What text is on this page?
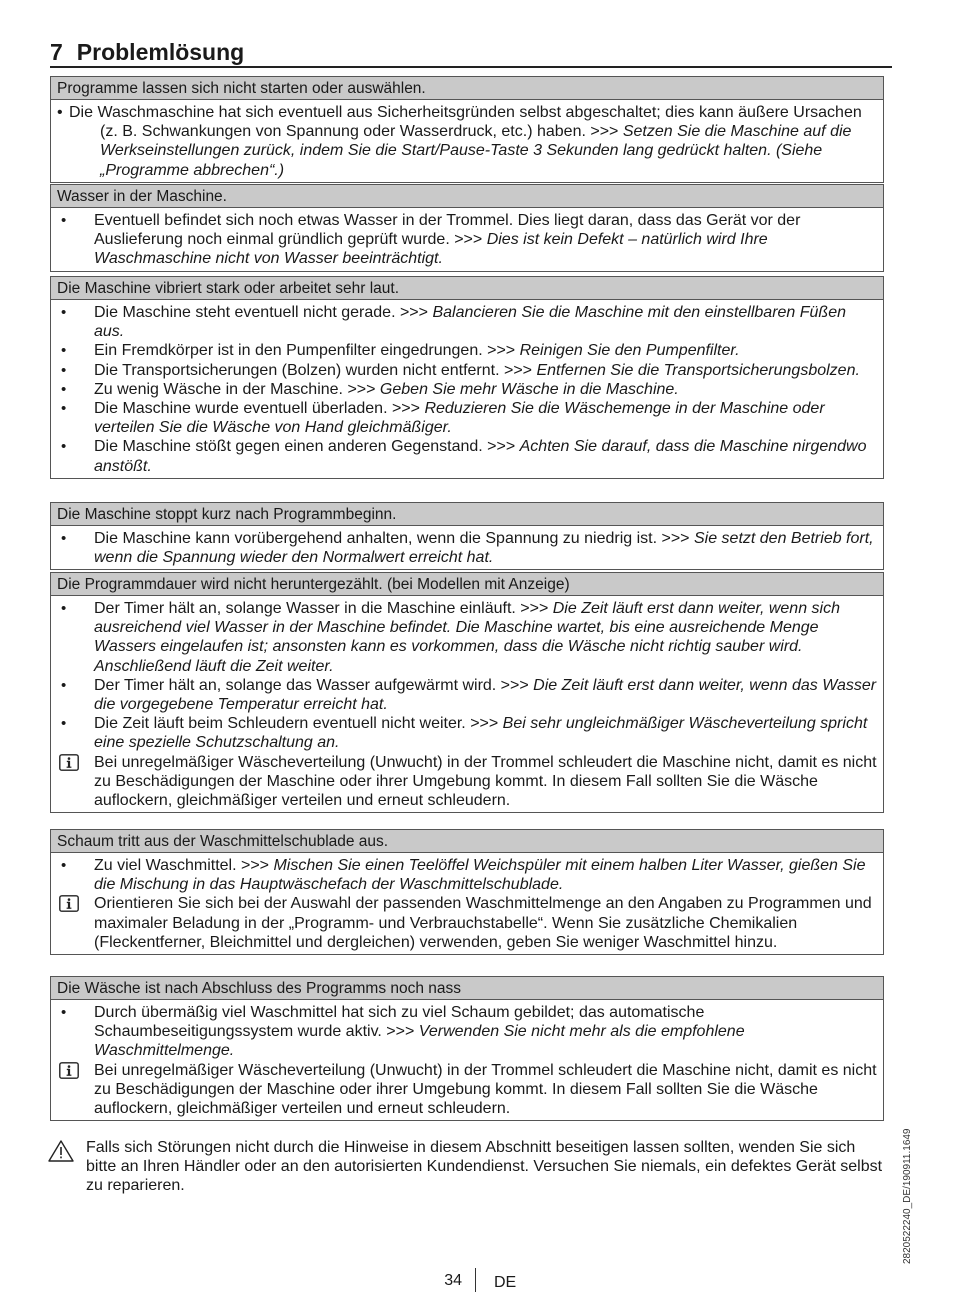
7 Problemlösung
Programme lassen sich nicht starten oder auswählen.
• Die Waschmaschine hat sich eventuell aus Sicherheitsgründen selbst abgeschaltet; dies kann äußere Ursachen (z. B. Schwankungen von Spannung oder Wasserdruck, etc.) haben. >>> Setzen Sie die Maschine auf die Werkseinstellungen zurück, indem Sie die Start/Pause-Taste 3 Sekunden lang gedrückt halten. (Siehe „Programme abbrechen“.)
Wasser in der Maschine.
•
Eventuell befindet sich noch etwas Wasser in der Trommel. Dies liegt daran, dass das Gerät vor der Auslieferung noch einmal gründlich geprüft wurde. >>> Dies ist kein Defekt – natürlich wird Ihre Waschmaschine nicht von Wasser beeinträchtigt.
Die Maschine vibriert stark oder arbeitet sehr laut.
•
Die Maschine steht eventuell nicht gerade. >>> Balancieren Sie die Maschine mit den einstellbaren Füßen aus.
•
Ein Fremdkörper ist in den Pumpenfilter eingedrungen. >>> Reinigen Sie den Pumpenfilter.
•
Die Transportsicherungen (Bolzen) wurden nicht entfernt. >>> Entfernen Sie die Transportsicherungsbolzen.
•
Zu wenig Wäsche in der Maschine. >>> Geben Sie mehr Wäsche in die Maschine.
•
Die Maschine wurde eventuell überladen. >>> Reduzieren Sie die Wäschemenge in der Maschine oder verteilen Sie die Wäsche von Hand gleichmäßiger.
•
Die Maschine stößt gegen einen anderen Gegenstand. >>> Achten Sie darauf, dass die Maschine nirgendwo anstößt.
Die Maschine stoppt kurz nach Programmbeginn.
•
Die Maschine kann vorübergehend anhalten, wenn die Spannung zu niedrig ist. >>> Sie setzt den Betrieb fort, wenn die Spannung wieder den Normalwert erreicht hat.
Die Programmdauer wird nicht heruntergezählt. (bei Modellen mit Anzeige)
•
Der Timer hält an, solange Wasser in die Maschine einläuft. >>> Die Zeit läuft erst dann weiter, wenn sich ausreichend viel Wasser in der Maschine befindet. Die Maschine wartet, bis eine ausreichende Menge Wassers eingelaufen ist; ansonsten kann es vorkommen, dass die Wäsche nicht richtig sauber wird. Anschließend läuft die Zeit weiter.
•
Der Timer hält an, solange das Wasser aufgewärmt wird. >>> Die Zeit läuft erst dann weiter, wenn das Wasser die vorgegebene Temperatur erreicht hat.
•
Die Zeit läuft beim Schleudern eventuell nicht weiter. >>> Bei sehr ungleichmäßiger Wäscheverteilung spricht eine spezielle Schutzschaltung an.
Bei unregelmäßiger Wäscheverteilung (Unwucht) in der Trommel schleudert die Maschine nicht, damit es nicht zu Beschädigungen der Maschine oder ihrer Umgebung kommt. In diesem Fall sollten Sie die Wäsche auflockern, gleichmäßiger verteilen und erneut schleudern.
Schaum tritt aus der Waschmittelschublade aus.
•
Zu viel Waschmittel. >>> Mischen Sie einen Teelöffel Weichspüler mit einem halben Liter Wasser, gießen Sie die Mischung in das Hauptwäschefach der Waschmittelschublade.
Orientieren Sie sich bei der Auswahl der passenden Waschmittelmenge an den Angaben zu Programmen und maximaler Beladung in der „Programm- und Verbrauchstabelle“. Wenn Sie zusätzliche Chemikalien (Fleckentferner, Bleichmittel und dergleichen) verwenden, geben Sie weniger Waschmittel hinzu.
Die Wäsche ist nach Abschluss des Programms noch nass
•
Durch übermäßig viel Waschmittel hat sich zu viel Schaum gebildet; das automatische Schaumbeseitigungssystem wurde aktiv. >>> Verwenden Sie nicht mehr als die empfohlene Waschmittelmenge.
Bei unregelmäßiger Wäscheverteilung (Unwucht) in der Trommel schleudert die Maschine nicht, damit es nicht zu Beschädigungen der Maschine oder ihrer Umgebung kommt. In diesem Fall sollten Sie die Wäsche auflockern, gleichmäßiger verteilen und erneut schleudern.
Falls sich Störungen nicht durch die Hinweise in diesem Abschnitt beseitigen lassen sollten, wenden Sie sich bitte an Ihren Händler oder an den autorisierten Kundendienst. Versuchen Sie niemals, ein defektes Gerät selbst zu reparieren.	2820522240_DE/190911.1649
34 DE
